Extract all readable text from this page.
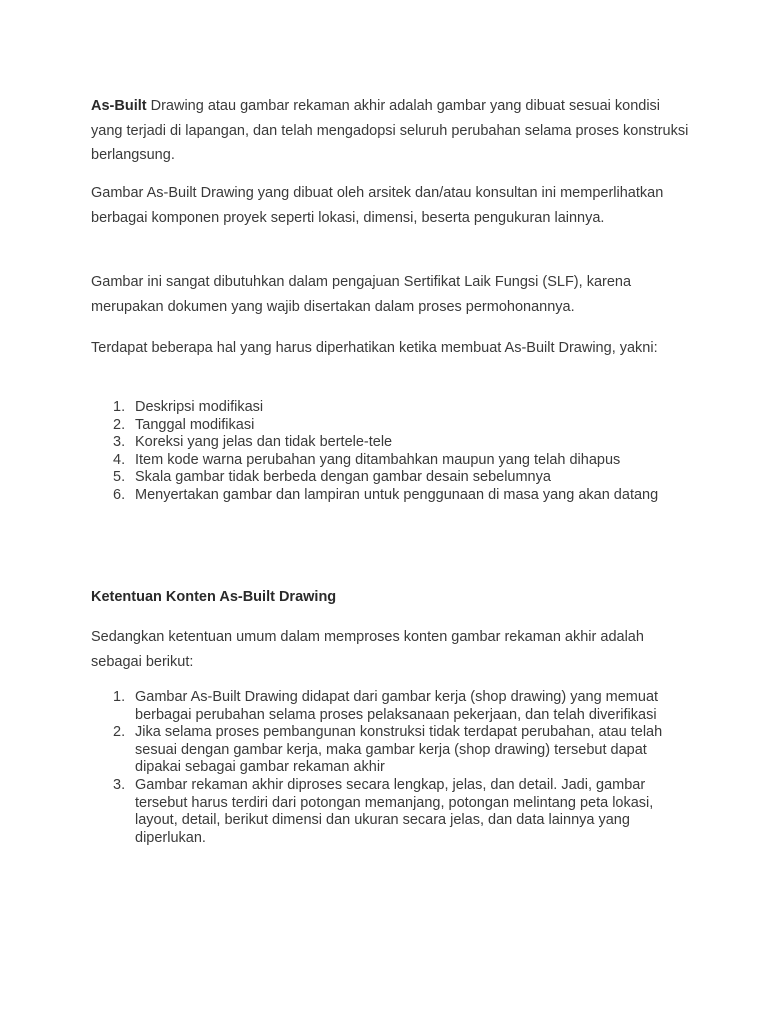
As-Built Drawing atau gambar rekaman akhir adalah gambar yang dibuat sesuai kondisi yang terjadi di lapangan, dan telah mengadopsi seluruh perubahan selama proses konstruksi berlangsung.

Gambar As-Built Drawing yang dibuat oleh arsitek dan/atau konsultan ini memperlihatkan berbagai komponen proyek seperti lokasi, dimensi, beserta pengukuran lainnya.

Gambar ini sangat dibutuhkan dalam pengajuan Sertifikat Laik Fungsi (SLF), karena merupakan dokumen yang wajib disertakan dalam proses permohonannya.

Terdapat beberapa hal yang harus diperhatikan ketika membuat As-Built Drawing, yakni:

1. Deskripsi modifikasi
2. Tanggal modifikasi
3. Koreksi yang jelas dan tidak bertele-tele
4. Item kode warna perubahan yang ditambahkan maupun yang telah dihapus
5. Skala gambar tidak berbeda dengan gambar desain sebelumnya
6. Menyertakan gambar dan lampiran untuk penggunaan di masa yang akan datang
Ketentuan Konten As-Built Drawing

Sedangkan ketentuan umum dalam memproses konten gambar rekaman akhir adalah sebagai berikut:

1. Gambar As-Built Drawing didapat dari gambar kerja (shop drawing) yang memuat berbagai perubahan selama proses pelaksanaan pekerjaan, dan telah diverifikasi
2. Jika selama proses pembangunan konstruksi tidak terdapat perubahan, atau telah sesuai dengan gambar kerja, maka gambar kerja (shop drawing) tersebut dapat dipakai sebagai gambar rekaman akhir
3. Gambar rekaman akhir diproses secara lengkap, jelas, dan detail. Jadi, gambar tersebut harus terdiri dari potongan memanjang, potongan melintang peta lokasi, layout, detail, berikut dimensi dan ukuran secara jelas, dan data lainnya yang diperlukan.
